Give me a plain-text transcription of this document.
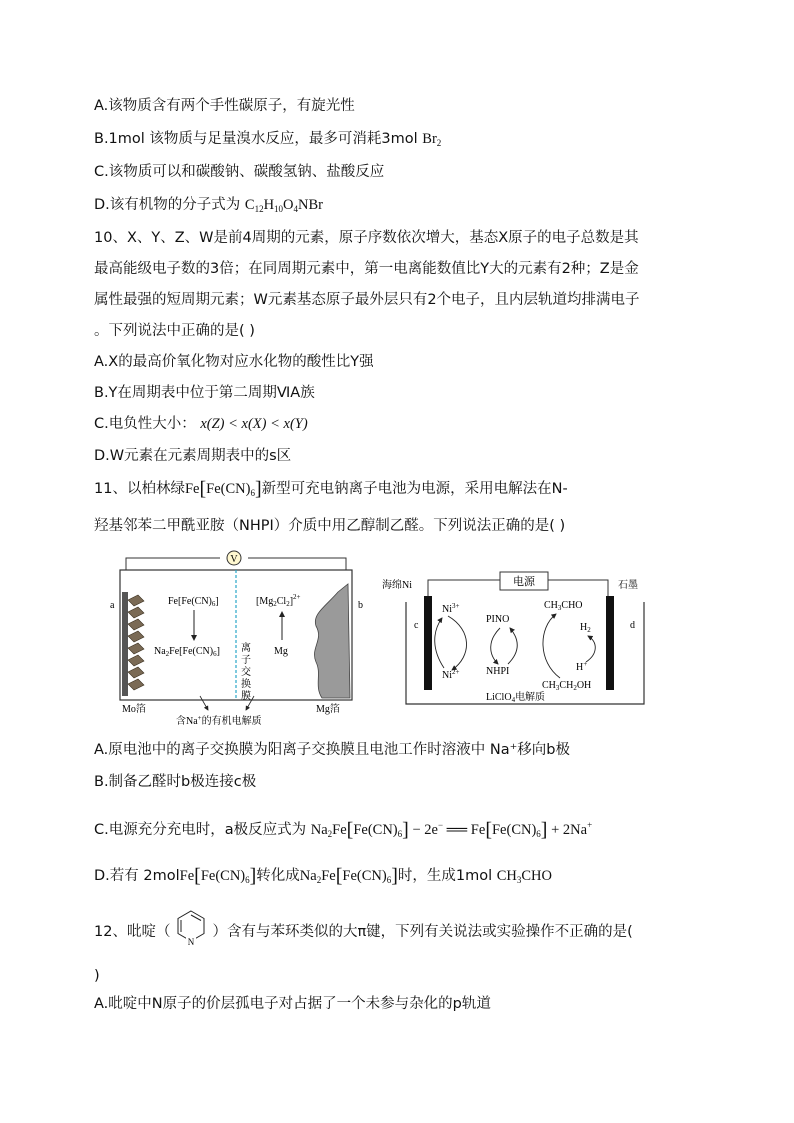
A.该物质含有两个手性碳原子，有旋光性
B.1mol 该物质与足量溴水反应，最多可消耗3mol $Br_2$
C.该物质可以和碳酸钠、碳酸氢钠、盐酸反应
D.该有机物的分子式为 $C_{12}H_{10}O_4NBr$
10、X、Y、Z、W是前4周期的元素，原子序数依次增大，基态X原子的电子总数是其
最高能级电子数的3倍；在同周期元素中，第一电离能数值比Y大的元素有2种；Z是金
属性最强的短周期元素；W元素基态原子最外层只有2个电子，且内层轨道均排满电子
。下列说法中正确的是( )
A.X的最高价氧化物对应水化物的酸性比Y强
B.Y在周期表中位于第二周期ⅥA族
C.电负性大小： x(Z) < x(X) < x(Y)
D.W元素在元素周期表中的s区
11、以柏林绿$Fe[Fe(CN)_6]$新型可充电钠离子电池为电源，采用电解法在N-
羟基邻苯二甲酰亚胺（NHPI）介质中用乙醇制乙醛。下列说法正确的是( )
V
a
离
子
交
换
膜
$Fe[Fe(CN)_6]$
$Na_2Fe[Fe(CN)_6]$
$[Mg_2Cl_2]^{2+}$
Mg
b
Mo箔	Mg箔
含Na+的有机电解质
电源
海绵Ni	石墨
c	d
$Ni^{3+}$
$Ni^{2+}$
PINO
NHPI
$CH_3CHO$
$CH_3CH_2OH$
$H_2$
H+
LiClO$_4$电解质
A.原电池中的离子交换膜为阳离子交换膜且电池工作时溶液中 Na⁺移向b极
B.制备乙醛时b极连接c极
C.电源充分充电时，a极反应式为 $Na_2Fe[Fe(CN)_6] - 2e^-$ ══ $Fe[Fe(CN)_6] + 2Na^+$
D.若有 $2molFe[Fe(CN)_6]$转化成$Na_2Fe[Fe(CN)_6]$时，生成1mol $CH_3CHO$
12、吡啶（
N
）含有与苯环类似的大π键，下列有关说法或实验操作不正确的是(
)
A.吡啶中N原子的价层孤电子对占据了一个未参与杂化的p轨道
